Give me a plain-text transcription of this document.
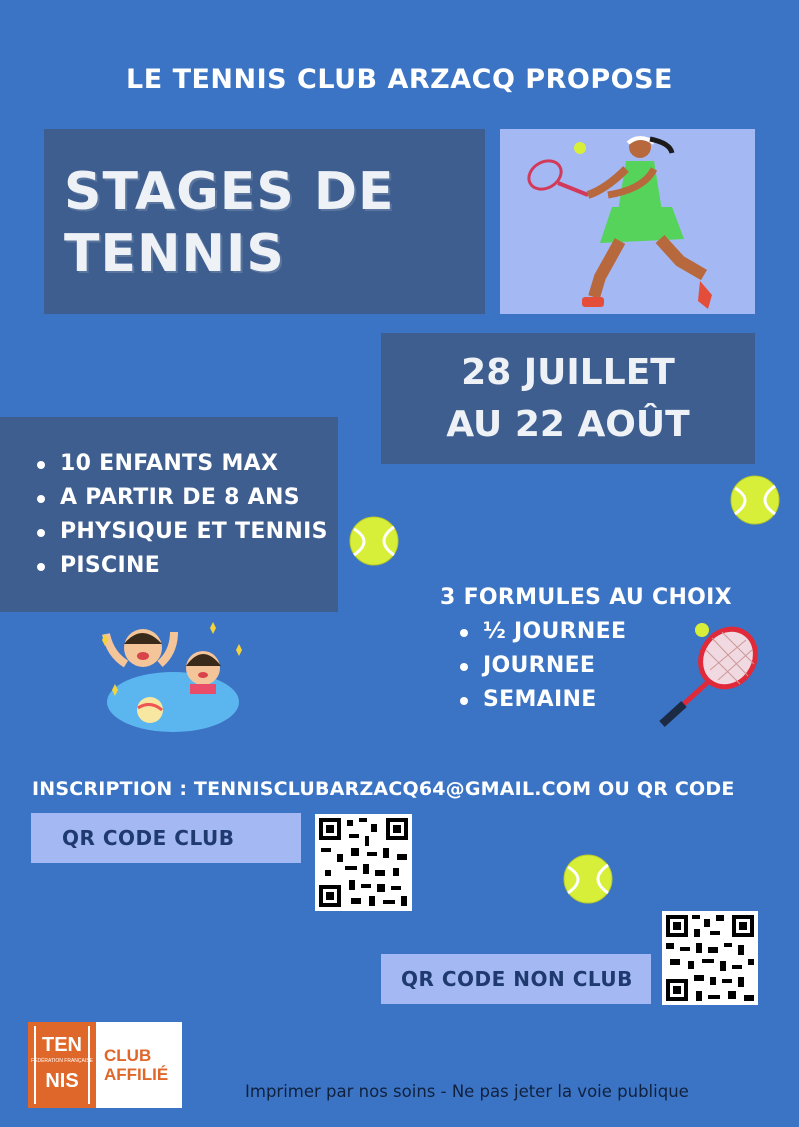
LE TENNIS CLUB ARZACQ PROPOSE
STAGES DE
TENNIS
28 JUILLET
AU 22 AOÛT
10 ENFANTS MAX
A PARTIR DE 8 ANS
PHYSIQUE ET TENNIS
PISCINE
3 FORMULES AU CHOIX
½ JOURNEE
JOURNEE
SEMAINE
INSCRIPTION : TENNISCLUBARZACQ64@GMAIL.COM OU QR CODE
QR CODE CLUB
QR CODE NON CLUB
TEN
FÉDÉRATION FRANÇAISE
NIS
CLUB
AFFILIÉ
Imprimer par nos soins - Ne pas jeter la voie publique
